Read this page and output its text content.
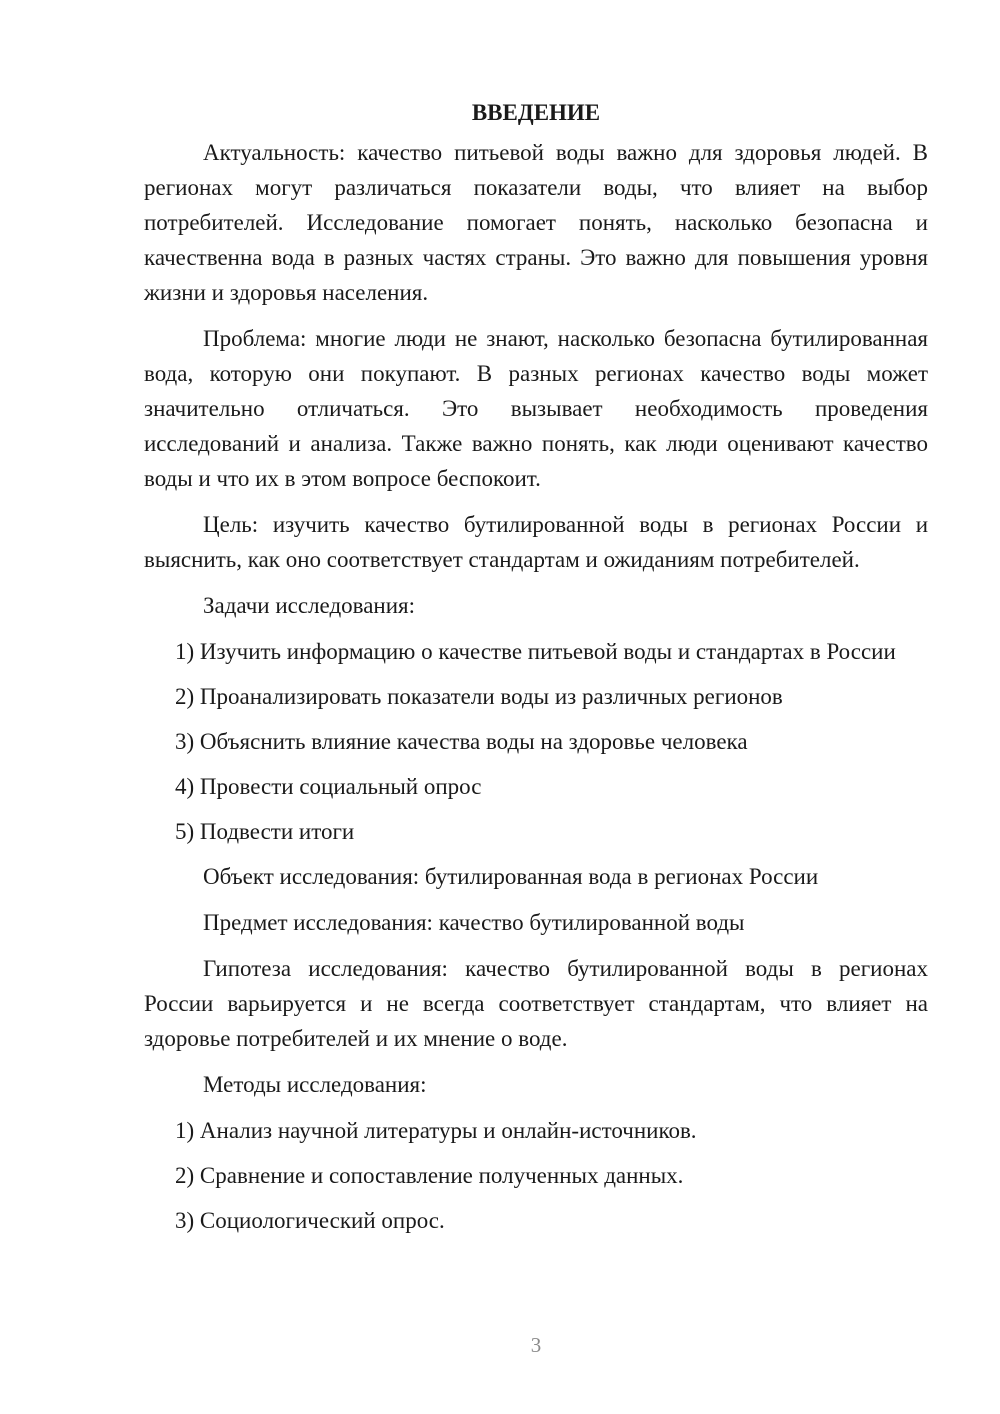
ВВЕДЕНИЕ

Актуальность: качество питьевой воды важно для здоровья людей. В регионах могут различаться показатели воды, что влияет на выбор потребителей. Исследование помогает понять, насколько безопасна и качественна вода в разных частях страны. Это важно для повышения уровня жизни и здоровья населения.

Проблема: многие люди не знают, насколько безопасна бутилированная вода, которую они покупают. В разных регионах качество воды может значительно отличаться. Это вызывает необходимость проведения исследований и анализа. Также важно понять, как люди оценивают качество воды и что их в этом вопросе беспокоит.

Цель: изучить качество бутилированной воды в регионах России и выяснить, как оно соответствует стандартам и ожиданиям потребителей.

Задачи исследования:

1) Изучить информацию о качестве питьевой воды и стандартах в России

2) Проанализировать показатели воды из различных регионов

3) Объяснить влияние качества воды на здоровье человека

4) Провести социальный опрос

5) Подвести итоги

Объект исследования: бутилированная вода в регионах России

Предмет исследования: качество бутилированной воды

Гипотеза исследования: качество бутилированной воды в регионах России варьируется и не всегда соответствует стандартам, что влияет на здоровье потребителей и их мнение о воде.

Методы исследования:

1) Анализ научной литературы и онлайн-источников.

2) Сравнение и сопоставление полученных данных.

3) Социологический опрос.

3
